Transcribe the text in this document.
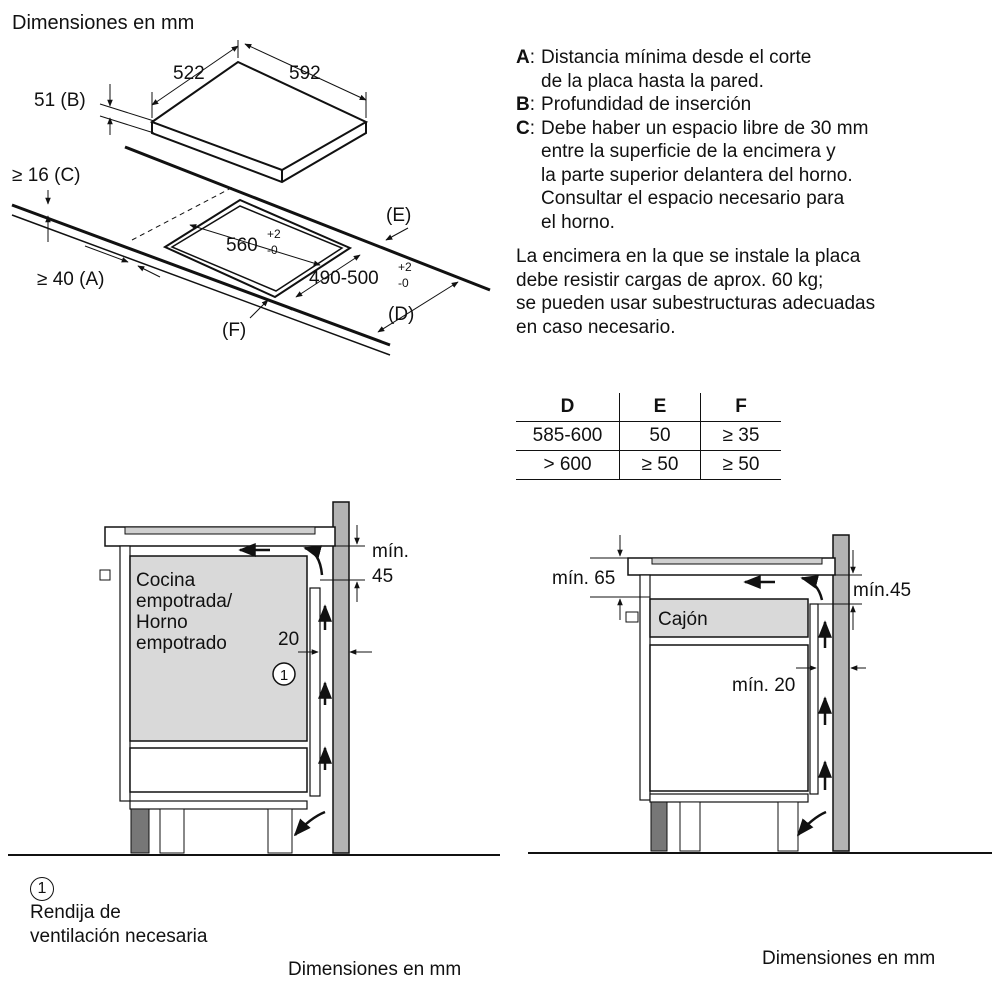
Dimensiones en mm
522	592
51 (B)
≥ 16 (C)
≥ 40 (A)
560
+2
-0
490-500
+2
-0
(E)
(D)
(F)
mín.
45
20
Cocina
empotrada/
Horno
empotrado
1
Dimensiones en mm
Cajón
mín. 65
mín.45
mín. 20
Dimensiones en mm
A : Distancia mínima desde el corte
de la placa hasta la pared.
B : Profundidad de inserción
C : Debe haber un espacio libre de 30 mm
entre la superficie de la encimera y
la parte superior delantera del horno.
Consultar el espacio necesario para
el horno.
La encimera en la que se instale la placa
debe resistir cargas de aprox. 60 kg;
se pueden usar subestructuras adecuadas
en caso necesario.
D	E	F
585-600	50	≥ 35
> 600	≥ 50	≥ 50
1
Rendija de
ventilación necesaria
